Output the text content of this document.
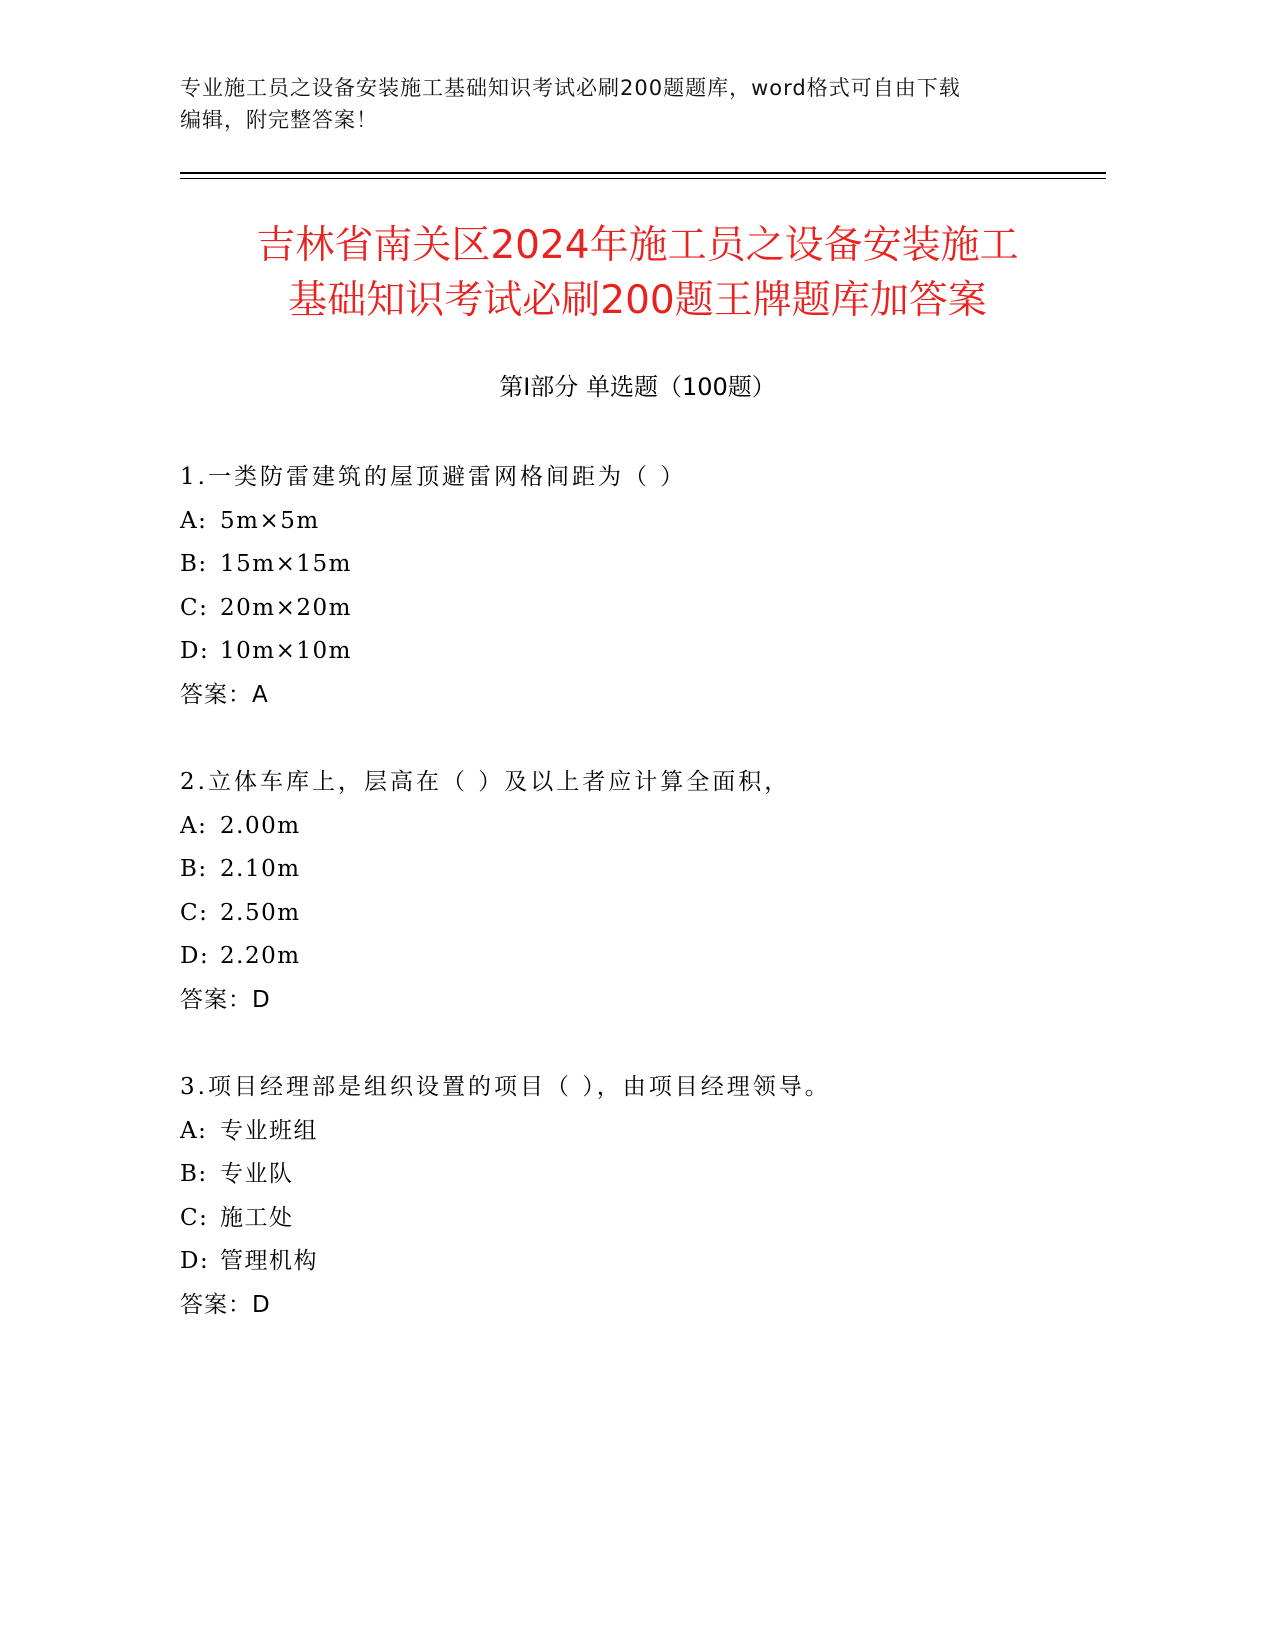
专业施工员之设备安装施工基础知识考试必刷200题题库，word格式可自由下载
编辑，附完整答案！
吉林省南关区2024年施工员之设备安装施工
基础知识考试必刷200题王牌题库加答案
第Ⅰ部分 单选题（100题）
1.一类防雷建筑的屋顶避雷网格间距为（ ）
A: 5m×5m
B: 15m×15m
C: 20m×20m
D: 10m×10m
答案：A
2.立体车库上，层高在（ ）及以上者应计算全面积，
A: 2.00m
B: 2.10m
C: 2.50m
D: 2.20m
答案：D
3.项目经理部是组织设置的项目（ ），由项目经理领导。
A: 专业班组
B: 专业队
C: 施工处
D: 管理机构
答案：D
